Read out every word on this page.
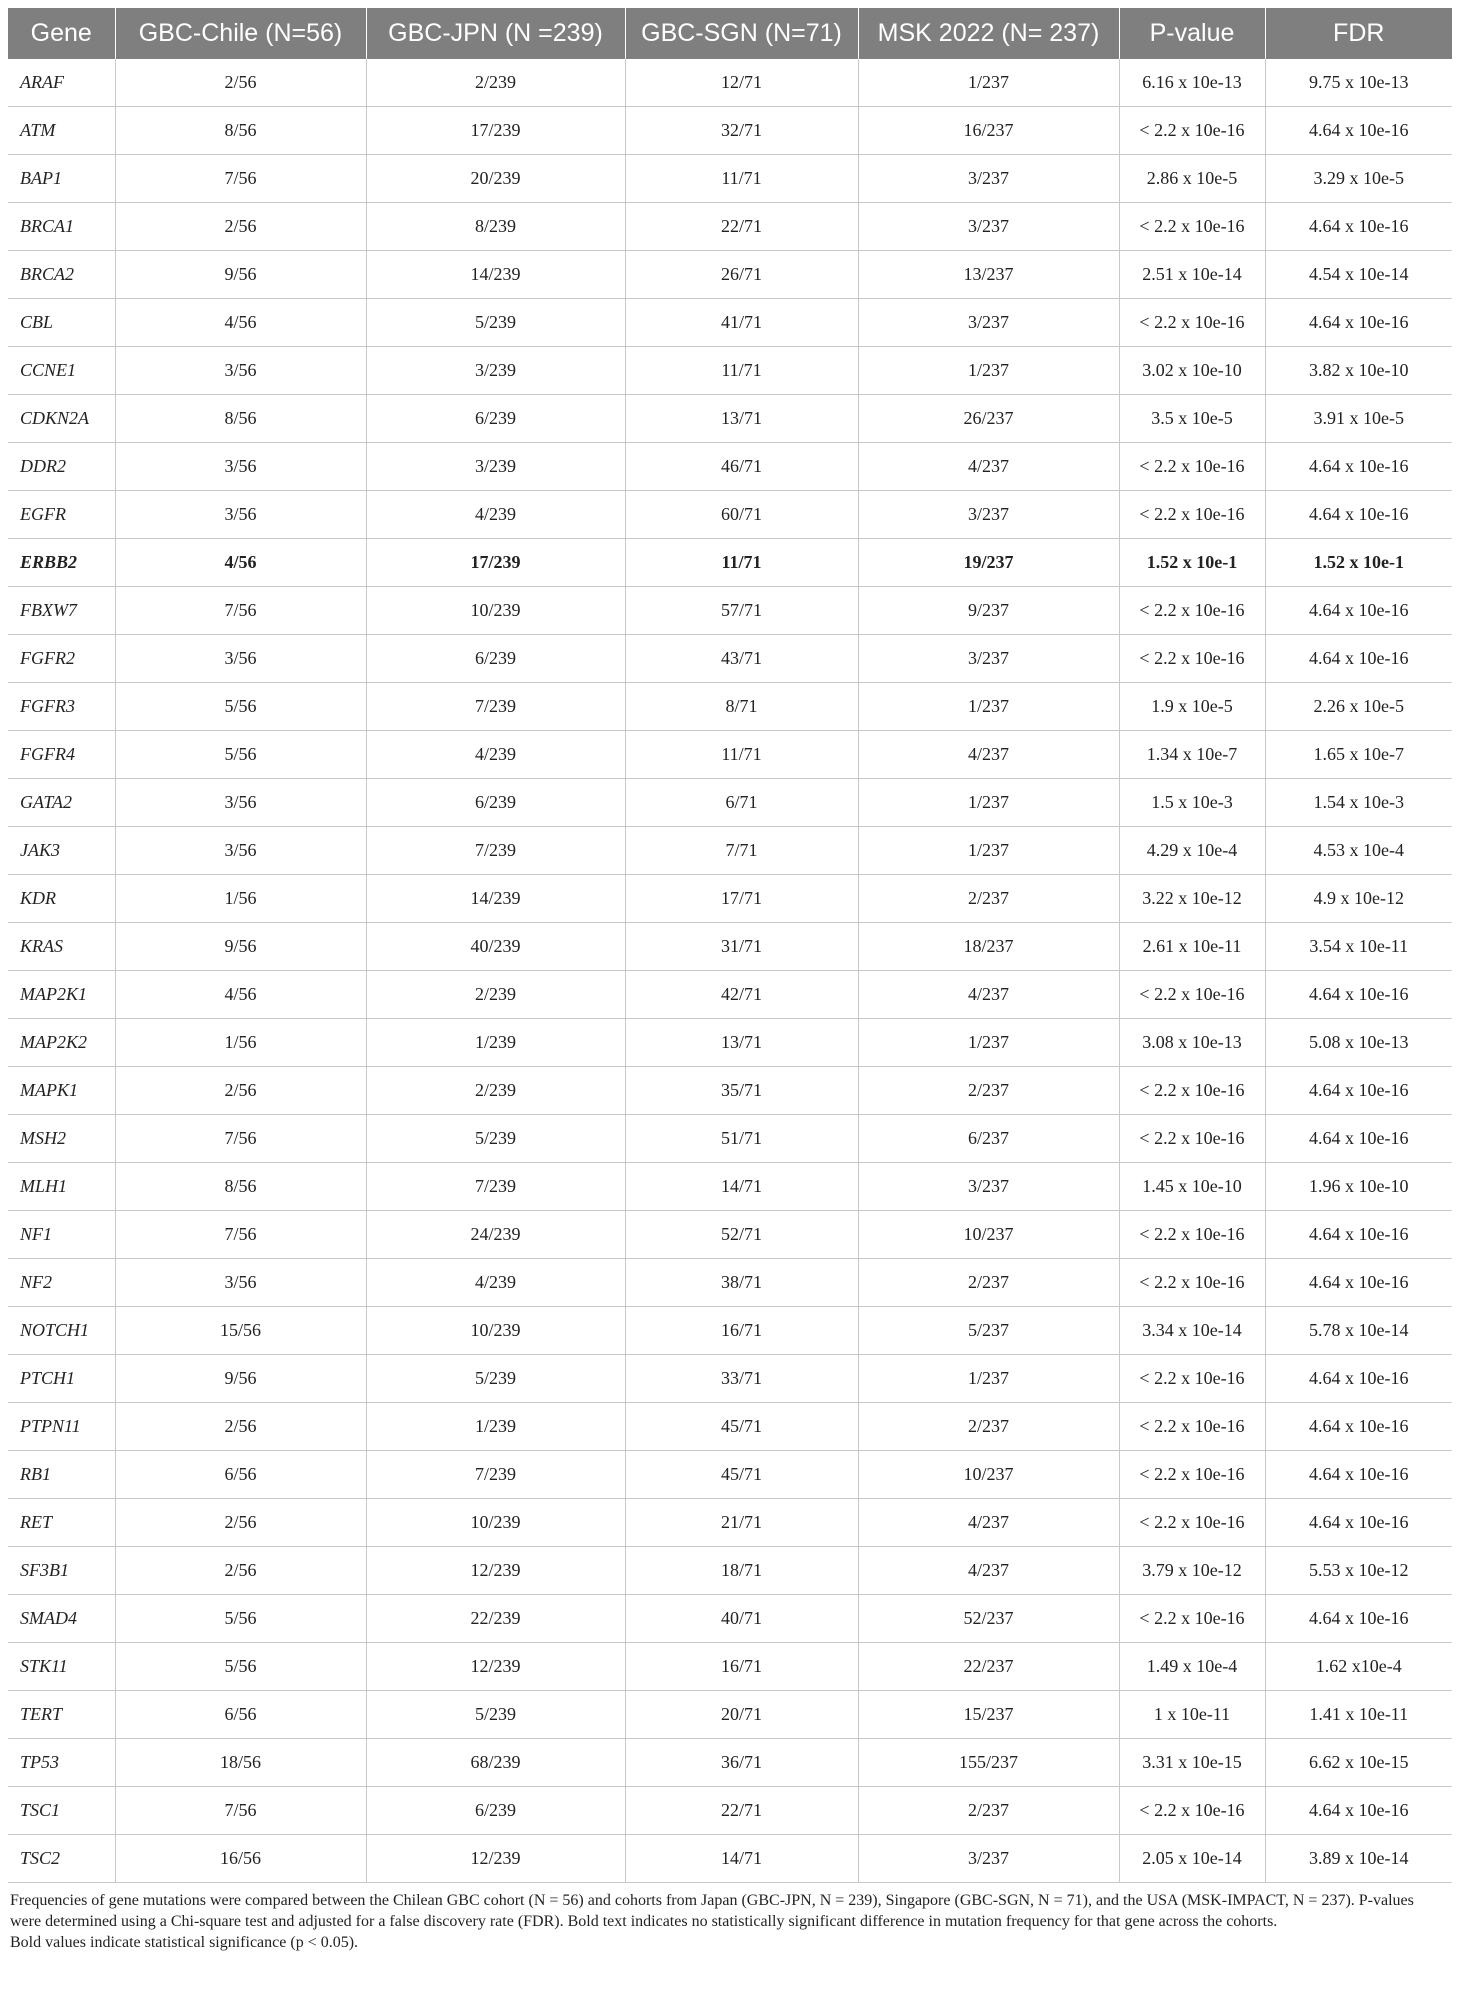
Gene	GBC-Chile (N=56)	GBC-JPN (N =239)	GBC-SGN (N=71)	MSK 2022 (N= 237)	P-value	FDR
ARAF	2/56	2/239	12/71	1/237	6.16 x 10e-13	9.75 x 10e-13
ATM	8/56	17/239	32/71	16/237	< 2.2 x 10e-16	4.64 x 10e-16
BAP1	7/56	20/239	11/71	3/237	2.86 x 10e-5	3.29 x 10e-5
BRCA1	2/56	8/239	22/71	3/237	< 2.2 x 10e-16	4.64 x 10e-16
BRCA2	9/56	14/239	26/71	13/237	2.51 x 10e-14	4.54 x 10e-14
CBL	4/56	5/239	41/71	3/237	< 2.2 x 10e-16	4.64 x 10e-16
CCNE1	3/56	3/239	11/71	1/237	3.02 x 10e-10	3.82 x 10e-10
CDKN2A	8/56	6/239	13/71	26/237	3.5 x 10e-5	3.91 x 10e-5
DDR2	3/56	3/239	46/71	4/237	< 2.2 x 10e-16	4.64 x 10e-16
EGFR	3/56	4/239	60/71	3/237	< 2.2 x 10e-16	4.64 x 10e-16
ERBB2	4/56	17/239	11/71	19/237	1.52 x 10e-1	1.52 x 10e-1
FBXW7	7/56	10/239	57/71	9/237	< 2.2 x 10e-16	4.64 x 10e-16
FGFR2	3/56	6/239	43/71	3/237	< 2.2 x 10e-16	4.64 x 10e-16
FGFR3	5/56	7/239	8/71	1/237	1.9 x 10e-5	2.26 x 10e-5
FGFR4	5/56	4/239	11/71	4/237	1.34 x 10e-7	1.65 x 10e-7
GATA2	3/56	6/239	6/71	1/237	1.5 x 10e-3	1.54 x 10e-3
JAK3	3/56	7/239	7/71	1/237	4.29 x 10e-4	4.53 x 10e-4
KDR	1/56	14/239	17/71	2/237	3.22 x 10e-12	4.9 x 10e-12
KRAS	9/56	40/239	31/71	18/237	2.61 x 10e-11	3.54 x 10e-11
MAP2K1	4/56	2/239	42/71	4/237	< 2.2 x 10e-16	4.64 x 10e-16
MAP2K2	1/56	1/239	13/71	1/237	3.08 x 10e-13	5.08 x 10e-13
MAPK1	2/56	2/239	35/71	2/237	< 2.2 x 10e-16	4.64 x 10e-16
MSH2	7/56	5/239	51/71	6/237	< 2.2 x 10e-16	4.64 x 10e-16
MLH1	8/56	7/239	14/71	3/237	1.45 x 10e-10	1.96 x 10e-10
NF1	7/56	24/239	52/71	10/237	< 2.2 x 10e-16	4.64 x 10e-16
NF2	3/56	4/239	38/71	2/237	< 2.2 x 10e-16	4.64 x 10e-16
NOTCH1	15/56	10/239	16/71	5/237	3.34 x 10e-14	5.78 x 10e-14
PTCH1	9/56	5/239	33/71	1/237	< 2.2 x 10e-16	4.64 x 10e-16
PTPN11	2/56	1/239	45/71	2/237	< 2.2 x 10e-16	4.64 x 10e-16
RB1	6/56	7/239	45/71	10/237	< 2.2 x 10e-16	4.64 x 10e-16
RET	2/56	10/239	21/71	4/237	< 2.2 x 10e-16	4.64 x 10e-16
SF3B1	2/56	12/239	18/71	4/237	3.79 x 10e-12	5.53 x 10e-12
SMAD4	5/56	22/239	40/71	52/237	< 2.2 x 10e-16	4.64 x 10e-16
STK11	5/56	12/239	16/71	22/237	1.49 x 10e-4	1.62 x10e-4
TERT	6/56	5/239	20/71	15/237	1 x 10e-11	1.41 x 10e-11
TP53	18/56	68/239	36/71	155/237	3.31 x 10e-15	6.62 x 10e-15
TSC1	7/56	6/239	22/71	2/237	< 2.2 x 10e-16	4.64 x 10e-16
TSC2	16/56	12/239	14/71	3/237	2.05 x 10e-14	3.89 x 10e-14

Frequencies of gene mutations were compared between the Chilean GBC cohort (N = 56) and cohorts from Japan (GBC-JPN, N = 239), Singapore (GBC-SGN, N = 71), and the USA (MSK-IMPACT, N = 237). P-values were determined using a Chi-square test and adjusted for a false discovery rate (FDR). Bold text indicates no statistically significant difference in mutation frequency for that gene across the cohorts.

Bold values indicate statistical significance (p < 0.05).
